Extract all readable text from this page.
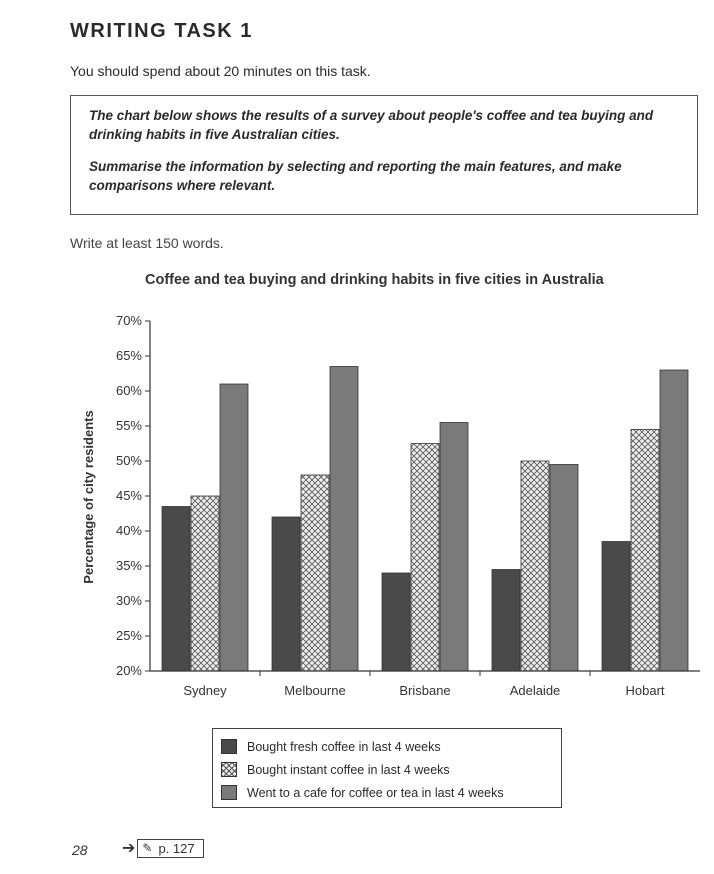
WRITING TASK 1
You should spend about 20 minutes on this task.

The chart below shows the results of a survey about people's coffee and tea buying and drinking habits in five Australian cities.

Summarise the information by selecting and reporting the main features, and make comparisons where relevant.

Write at least 150 words.
Coffee and tea buying and drinking habits in five cities in Australia
20%
25%
30%
35%
40%
45%
50%
55%
60%
65%
70%
Sydney	Melbourne	Brisbane	Adelaide	Hobart
Percentage of city residents
Bought fresh coffee in last 4 weeks
Bought instant coffee in last 4 weeks
Went to a cafe for coffee or tea in last 4 weeks
28 ➔ ✎ p. 127
